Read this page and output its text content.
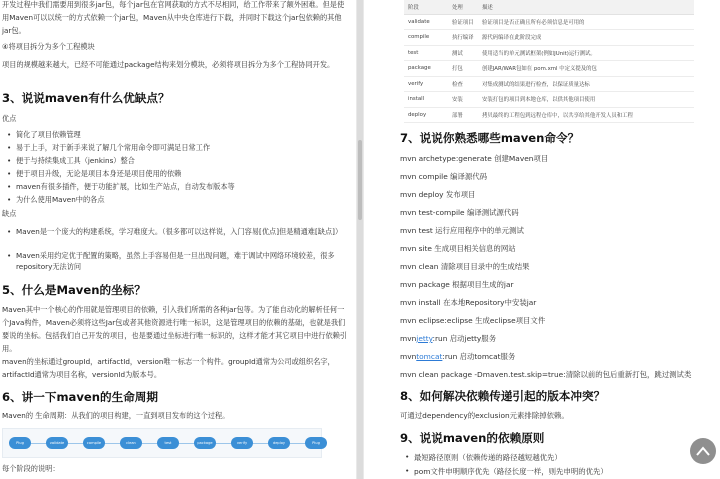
开发过程中我们需要用到很多jar包，每个jar包在官网获取的方式不尽相同，给工作带来了额外困难。但是使用Maven可以以统一的方式依赖一个jar包，Maven从中央仓库进行下载，并同时下载这个jar包依赖的其他jar包。
④将项目拆分为多个工程模块
项目的规模越来越大，已经不可能通过package结构来划分模块，必须将项目拆分为多个工程协同开发。
3、说说maven有什么优缺点？
优点
• 简化了项目依赖管理
• 易于上手，对于新手来说了解几个常用命令即可满足日常工作
• 便于与持续集成工具（jenkins）整合
• 便于项目升级，无论是项目本身还是项目使用的依赖
• maven有很多插件，便于功能扩展，比如生产站点，自动发布版本等
• 为什么使用Maven中的各点
缺点
• Maven是一个庞大的构建系统，学习难度大。（很多都可以这样说，入门容易[优点]但是精通难[缺点]）
• Maven采用约定优于配置的策略，虽然上手容易但是一旦出现问题，难于调试中网络环境较差，很多repository无法访问
5、什么是Maven的坐标？
Maven其中一个核心的作用就是管理项目的依赖，引入我们所需的各种jar包等。为了能自动化的解析任何一个Java构件，Maven必须将这些Jar包或者其他资源进行唯一标识，这是管理项目的依赖的基础，也就是我们要说的坐标。包括我们自己开发的项目，也是要通过坐标进行唯一标识的，这样才能才其它项目中进行依赖引用。
maven的坐标通过groupId，artifactId，version唯一标志一个构件。groupId通常为公司或组织名字，artifactId通常为项目名称，versionId为版本号。
6、讲一下maven的生命周期
Maven的 生命周期：从我们的项目构建，一直到项目发布的这个过程。
Plug	validate	compile	clean	test	package	verify	deploy	Plug
每个阶段的说明：
阶段	处理	描述
validate	验证项目	验证项目是否正确且所有必须信息是可用的
compile	执行编译	源代码编译在此阶段完成
test	测试	使用适当的单元测试框架(例如JUnit)运行测试。
package	打包	创建JAR/WAR包如在 pom.xml 中定义提及的包
verify	检查	对集成测试的结果进行检查，以保证质量达标
install	安装	安装打包的项目到本地仓库，以供其他项目使用
deploy	部署	拷贝最终的工程包到远程仓库中，以共享给其他开发人员和工程
7、说说你熟悉哪些maven命令？
mvn archetype:generate 创建Maven项目
mvn compile 编译源代码
mvn deploy 发布项目
mvn test-compile 编译测试源代码
mvn test 运行应用程序中的单元测试
mvn site 生成项目相关信息的网站
mvn clean 清除项目目录中的生成结果
mvn package 根据项目生成的jar
mvn install 在本地Repository中安装jar
mvn eclipse:eclipse 生成eclipse项目文件
mvnjetty:run 启动jetty服务
mvntomcat:run 启动tomcat服务
mvn clean package -Dmaven.test.skip=true:清除以前的包后重新打包，跳过测试类
8、如何解决依赖传递引起的版本冲突？
可通过dependency的exclusion元素排除掉依赖。
9、说说maven的依赖原则
• 最短路径原则（依赖传递的路径越短越优先）
• pom文件申明顺序优先（路径长度一样，则先申明的优先）
